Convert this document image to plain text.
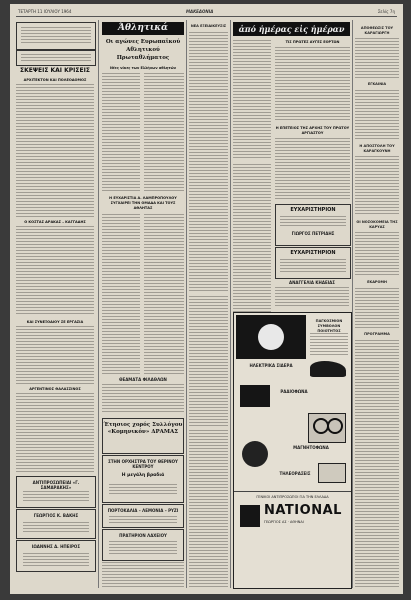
ΤΕΤΑΡΤΗ 11 ΙΟΥΛΙΟΥ 1964	ΜΑΚΕΔΟΝΙΑ	Σελίς 7η
ΣΚΕΨΕΙΣ ΚΑΙ ΚΡΙΣΕΙΣ
ΑΡΧΙΤΕΚΤΟΝ ΚΑΙ ΠΟΛΕΟΔΟΜΟΣ
Ο ΚΟΣΤΑΣ ΔΡΑΚΑΣ – ΚΑΓΓΑΔΗΣ
ΚΑΙ ΣΥΝΕΞΟΔΙΟΥ ΣΕ ΕΡΓΑΣΙΑ
ΑΡΓΕΝΤΙΝΟΣ ΘΑΛΑΣΣΙΝΟΣ
ΑΝΤΙΠΡΟΣΩΠΕΙΑΙ «Γ. ΣΑΜΑΡΑΚΗΣ»
ΓΕΩΡΓΙΟΣ Κ. ΒΑΚΗΣ
ΙΩΑΝΝΗΣ Δ. ΗΠΕΙΡΟΣ
Άθλητικά
Οι αγώνες Ευρωπαϊκού Αθλητικού Πρωταθλήματος
Νέες νίκες των Ελλήνων αθλητών
Η ΕΥΧΑΡΙΣΤΙΑ Α. ΛΑΜΠΡΟΠΟΥΛΟΥ ΣΥΓΧΑΙΡΕΙ ΤΗΝ ΟΜΑΔΑ ΚΑΙ ΤΟΥΣ ΑΘΛΗΤΑΣ
ΘΕΑΜΑΤΑ ΦΙΛΑΘΛΩΝ
Έτησιος χορός Συλλόγου «Κομηνικόν» ΔΡΑΜΑΣ
ΣΤΗΝ ΟΡΧΗΣΤΡΑ ΤΟΥ ΘΕΡΙΝΟΥ ΚΕΝΤΡΟΥ
Η μεγάλη βραδιά
ΠΟΡΤΟΚΑΛΙΑ – ΛΕΜΟΝΙΑ – ΡΥΖΙ
ΠΡΑΤΗΡΙΟΝ ΛΑΧΕΙΟΥ
ΝΕΑ ΕΞΕΙΔΙΚΕΥΣΙΣ	ἀπό ἡμέρας εἰς ἡμέραν
ΤΙΣ ΠΡΩΤΕΣ ΑΥΓΕΣ ΕΟΡΤΩΝ
Η ΕΠΕΤΕΙΟΣ ΤΗΣ ΑΡΧΗΣ ΤΟΥ ΠΡΩΤΟΥ ΑΡΓΙΑΣΤΟΥ
ΕΥΧΑΡΙΣΤΗΡΙΟΝ
ΓΙΩΡΓΟΣ ΠΕΤΡΙΔΗΣ
ΕΥΧΑΡΙΣΤΗΡΙΟΝ
ΑΝΑΓΓΕΛΙΑ ΚΗΔΕΙΑΣ
ΠΑΓΚΟΣΜΙΟΝ ΣΥΜΒΟΛΟΝ ΠΟΙΟΤΗΤΟΣ
ΗΛΕΚΤΡΙΚΑ ΣΙΔΕΡΑ
ΡΑΔΙΟΦΩΝΑ
ΜΑΓΝΗΤΟΦΩΝΑ
ΤΗΛΕΟΡΑΣΕΙΣ
ΓΕΝΙΚΟΙ ΑΝΤΙΠΡΟΣΩΠΟΙ ΓΙΑ ΤΗΝ ΕΛΛΑΔΑ
NATIONAL
ΓΕΩΡΓΙΟΣ ΑΣ · ΑΘΗΝΑΙ
ΑΠΟΘΕΩΣΙΣ ΤΟΥ ΚΑΡΑΓΙΩΡΓΗ
ΕΓΚΑΙΝΙΑ
Η ΑΠΟΣΤΟΛΗ ΤΟΥ ΚΑΡΑΓΚΟΥΝΗ
ΟΙ ΝΟΣΟΚΟΜΕΙΑ ΤΗΣ ΚΑΡΥΑΣ
ΕΚΔΡΟΜΗ
ΠΡΟΓΡΑΜΜΑ
